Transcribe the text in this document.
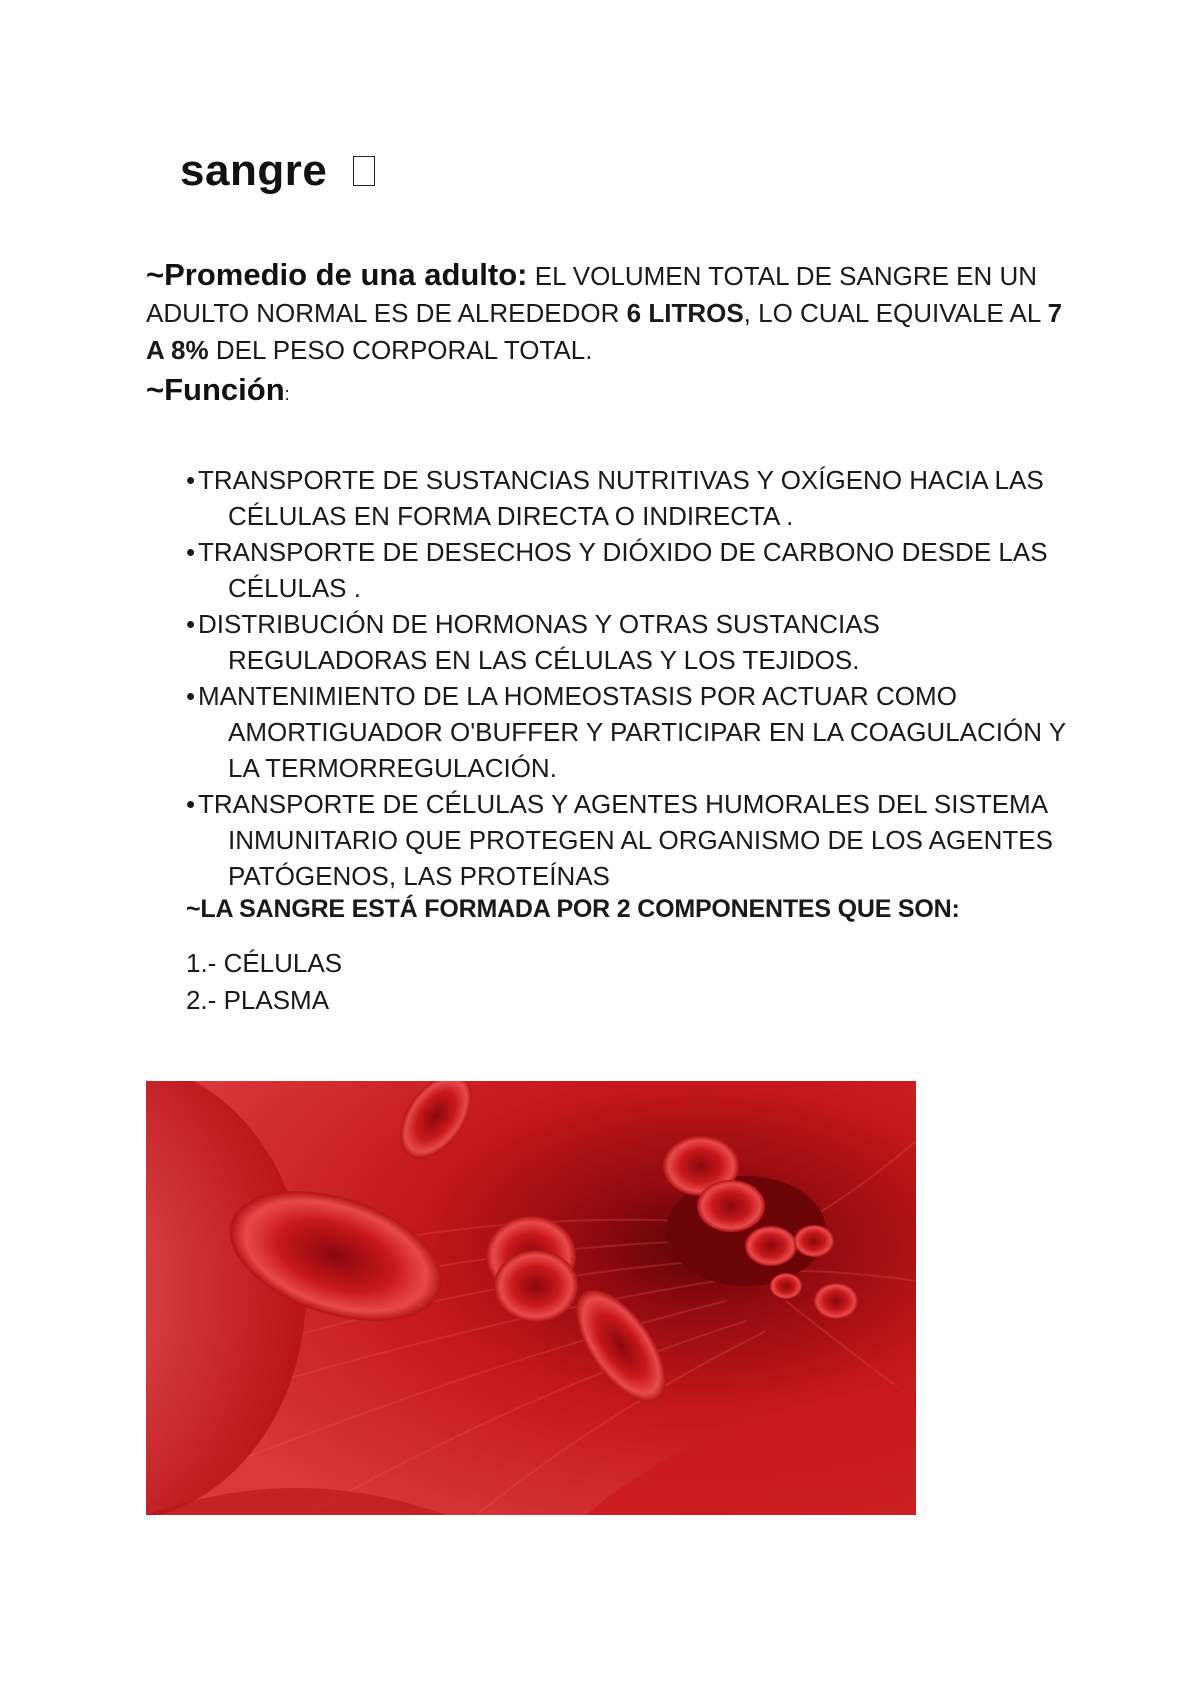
sangre
~Promedio de una adulto: EL VOLUMEN TOTAL DE SANGRE EN UN ADULTO NORMAL ES DE ALREDEDOR 6 LITROS, LO CUAL EQUIVALE AL 7 A 8% DEL PESO CORPORAL TOTAL.
~Función:
• TRANSPORTE DE SUSTANCIAS NUTRITIVAS Y OXÍGENO HACIA LAS CÉLULAS EN FORMA DIRECTA O INDIRECTA .
• TRANSPORTE DE DESECHOS Y DIÓXIDO DE CARBONO DESDE LAS CÉLULAS .
• DISTRIBUCIÓN DE HORMONAS Y OTRAS SUSTANCIAS REGULADORAS EN LAS CÉLULAS Y LOS TEJIDOS.
• MANTENIMIENTO DE LA HOMEOSTASIS POR ACTUAR COMO AMORTIGUADOR O'BUFFER Y PARTICIPAR EN LA COAGULACIÓN Y LA TERMORREGULACIÓN.
• TRANSPORTE DE CÉLULAS Y AGENTES HUMORALES DEL SISTEMA INMUNITARIO QUE PROTEGEN AL ORGANISMO DE LOS AGENTES PATÓGENOS, LAS PROTEÍNAS
~LA SANGRE ESTÁ FORMADA POR 2 COMPONENTES QUE SON:
1.- CÉLULAS
2.- PLASMA
